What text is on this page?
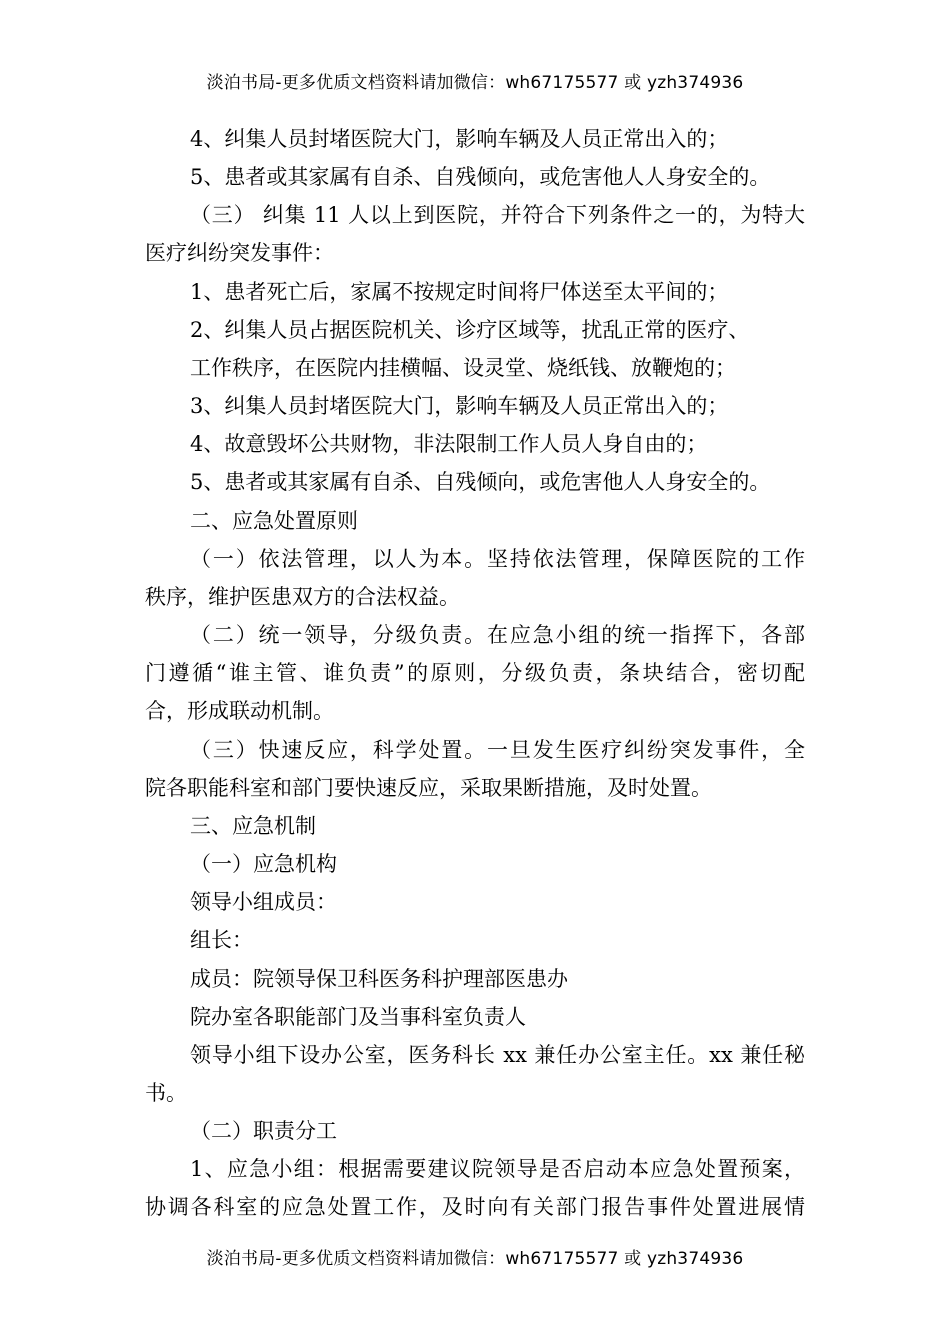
淡泊书局-更多优质文档资料请加微信：wh67175577 或 yzh374936
4、纠集人员封堵医院大门，影响车辆及人员正常出入的；
5、患者或其家属有自杀、自残倾向，或危害他人人身安全的。
（三） 纠集 11 人以上到医院，并符合下列条件之一的，为特大
医疗纠纷突发事件：
1、患者死亡后，家属不按规定时间将尸体送至太平间的；
2、纠集人员占据医院机关、诊疗区域等，扰乱正常的医疗、
工作秩序，在医院内挂横幅、设灵堂、烧纸钱、放鞭炮的；
3、纠集人员封堵医院大门，影响车辆及人员正常出入的；
4、故意毁坏公共财物，非法限制工作人员人身自由的；
5、患者或其家属有自杀、自残倾向，或危害他人人身安全的。
二、应急处置原则
（一）依法管理，以人为本。坚持依法管理，保障医院的工作
秩序，维护医患双方的合法权益。
（二）统一领导，分级负责。在应急小组的统一指挥下，各部
门遵循“谁主管、谁负责”的原则，分级负责，条块结合，密切配
合，形成联动机制。
（三）快速反应，科学处置。一旦发生医疗纠纷突发事件，全
院各职能科室和部门要快速反应，采取果断措施，及时处置。
三、应急机制
（一）应急机构
领导小组成员：
组长：
成员：院领导保卫科医务科护理部医患办
院办室各职能部门及当事科室负责人
领导小组下设办公室，医务科长 xx 兼任办公室主任。xx 兼任秘
书。
（二）职责分工
1、应急小组：根据需要建议院领导是否启动本应急处置预案，
协调各科室的应急处置工作，及时向有关部门报告事件处置进展情
淡泊书局-更多优质文档资料请加微信：wh67175577 或 yzh374936
